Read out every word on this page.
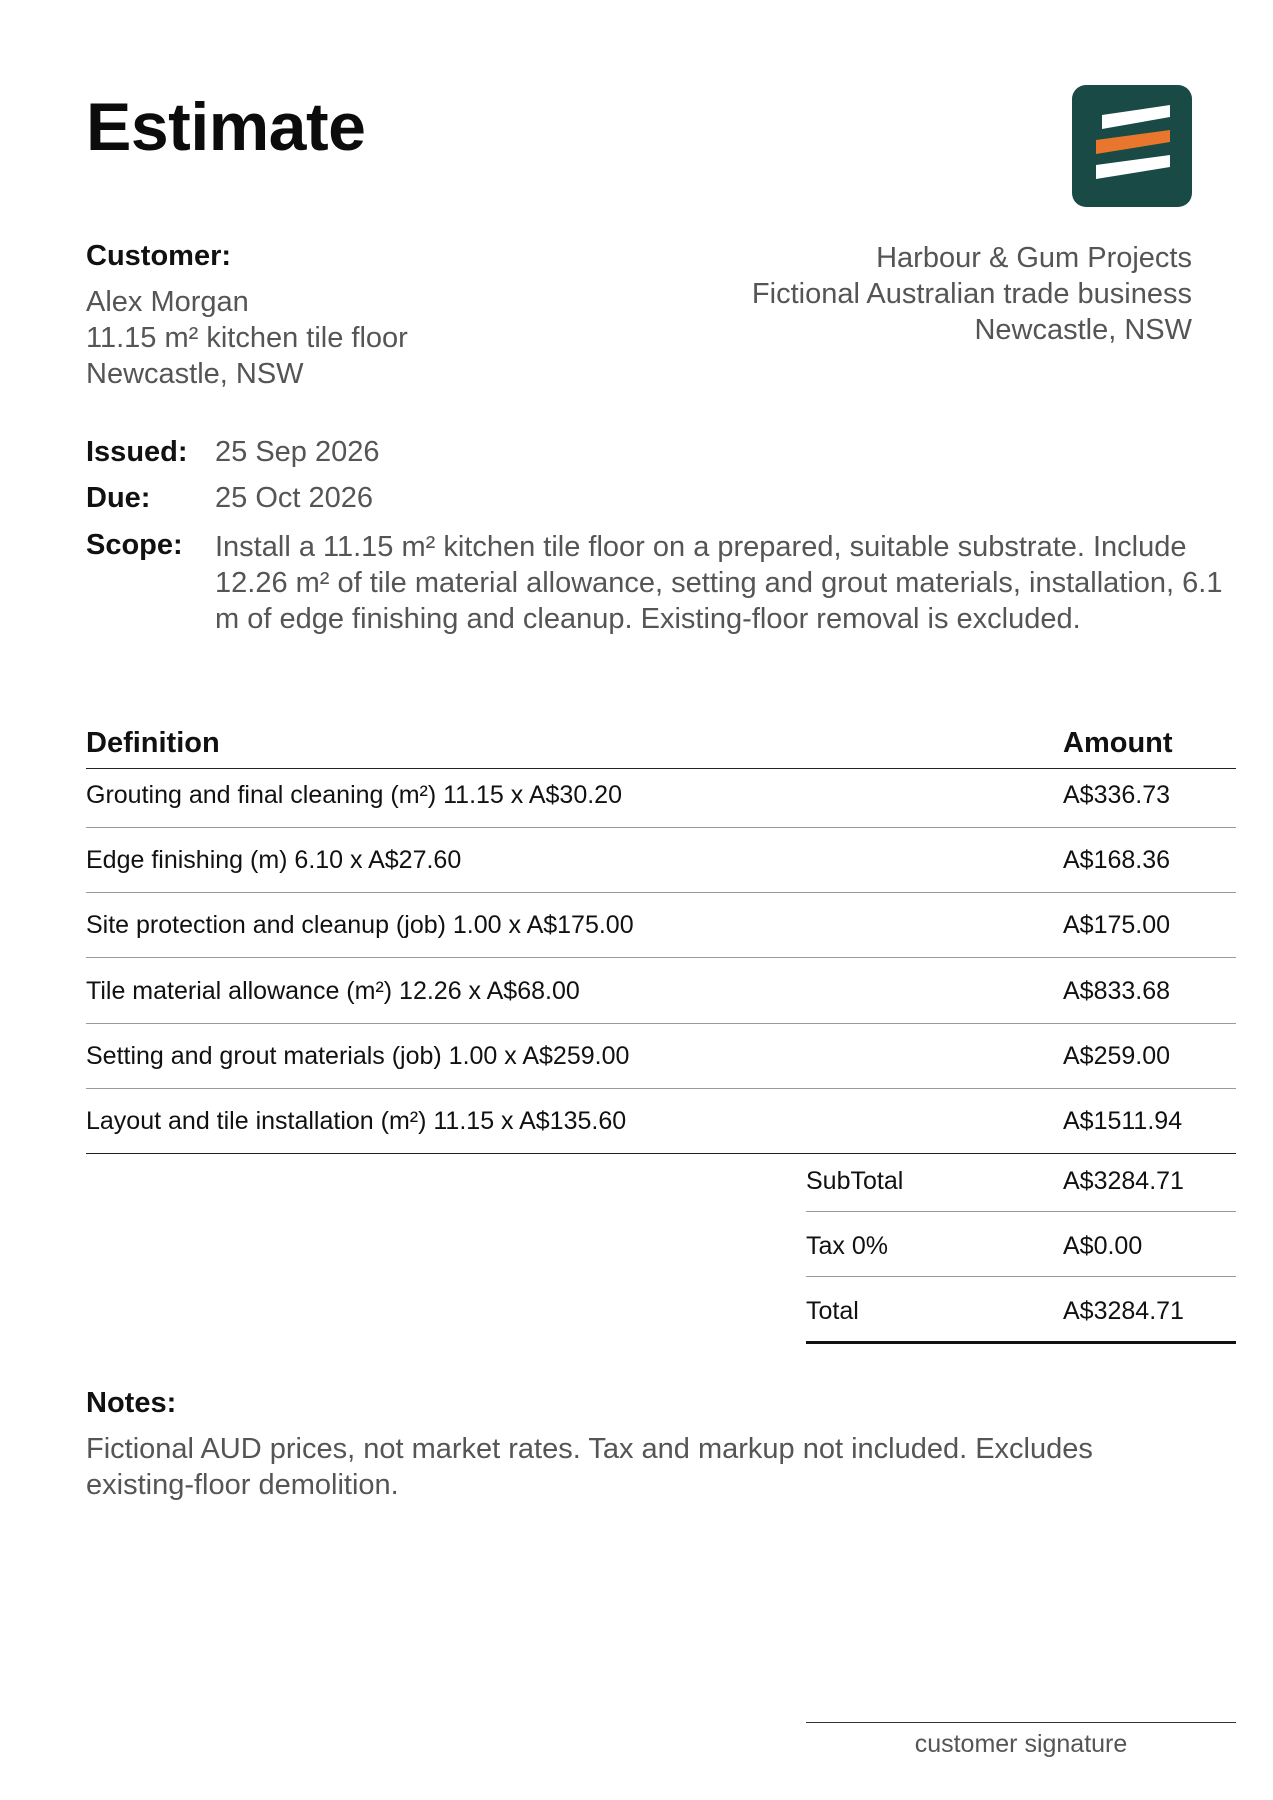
Estimate
Customer:
Alex Morgan
11.15 m² kitchen tile floor
Newcastle, NSW
Harbour & Gum Projects
Fictional Australian trade business
Newcastle, NSW
Issued: 25 Sep 2026
Due: 25 Oct 2026
Scope: Install a 11.15 m² kitchen tile floor on a prepared, suitable substrate. Include 12.26 m² of tile material allowance, setting and grout materials, installation, 6.1 m of edge finishing and cleanup. Existing-floor removal is excluded.
Definition	Amount
Grouting and final cleaning (m²) 11.15 x A$30.20	A$336.73
Edge finishing (m) 6.10 x A$27.60	A$168.36
Site protection and cleanup (job) 1.00 x A$175.00	A$175.00
Tile material allowance (m²) 12.26 x A$68.00	A$833.68
Setting and grout materials (job) 1.00 x A$259.00	A$259.00
Layout and tile installation (m²) 11.15 x A$135.60	A$1511.94
SubTotal	A$3284.71
Tax 0%	A$0.00
Total	A$3284.71
Notes:
Fictional AUD prices, not market rates. Tax and markup not included. Excludes existing-floor demolition.
customer signature
